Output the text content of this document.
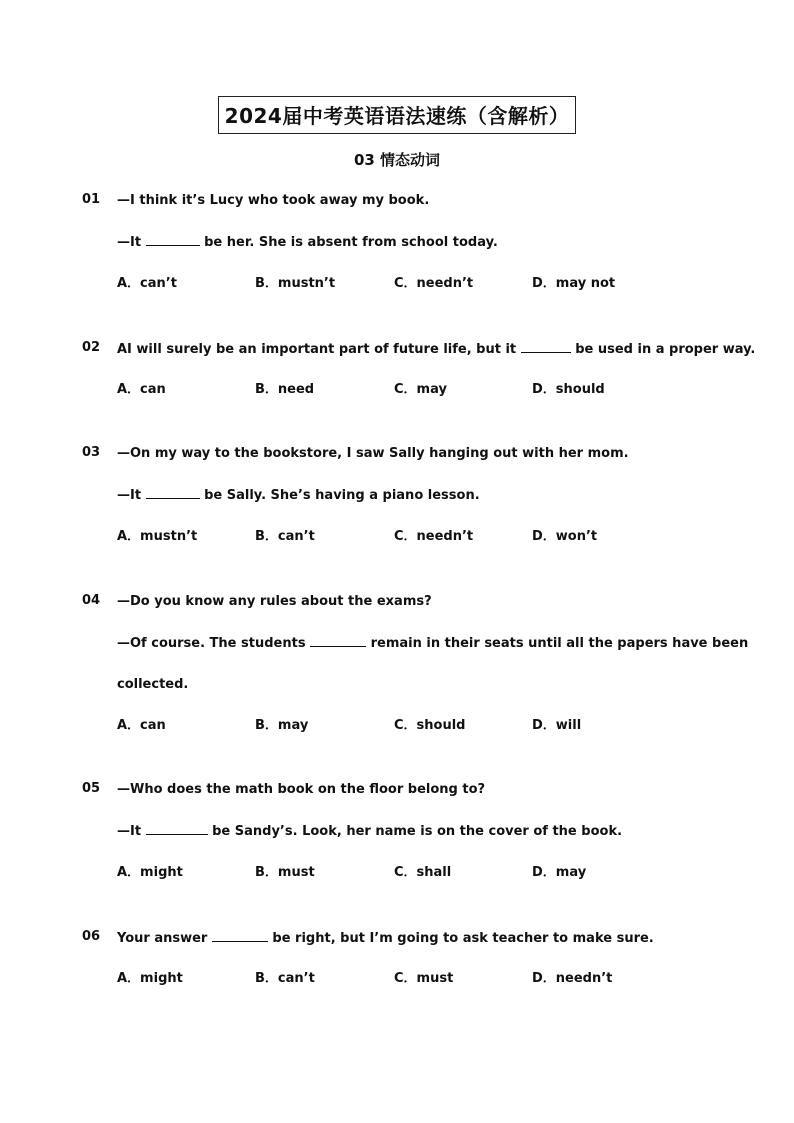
2024届中考英语语法速练（含解析）
03 情态动词
01 —I think it’s Lucy who took away my book.
—It	be her. She is absent from school today.
A．can’t	B．mustn’t	C．needn’t	D．may not
02 AI will surely be an important part of future life, but it	be used in a proper way.
A．can	B．need	C．may	D．should
03 —On my way to the bookstore, I saw Sally hanging out with her mom.
—It	be Sally. She’s having a piano lesson.
A．mustn’t	B．can’t	C．needn’t	D．won’t
04 —Do you know any rules about the exams?
—Of course. The students	remain in their seats until all the papers have been
collected.
A．can	B．may	C．should	D．will
05 —Who does the math book on the floor belong to?
—It	be Sandy’s. Look, her name is on the cover of the book.
A．might	B．must	C．shall	D．may
06 Your answer	be right, but I’m going to ask teacher to make sure.
A．might	B．can’t	C．must	D．needn’t
